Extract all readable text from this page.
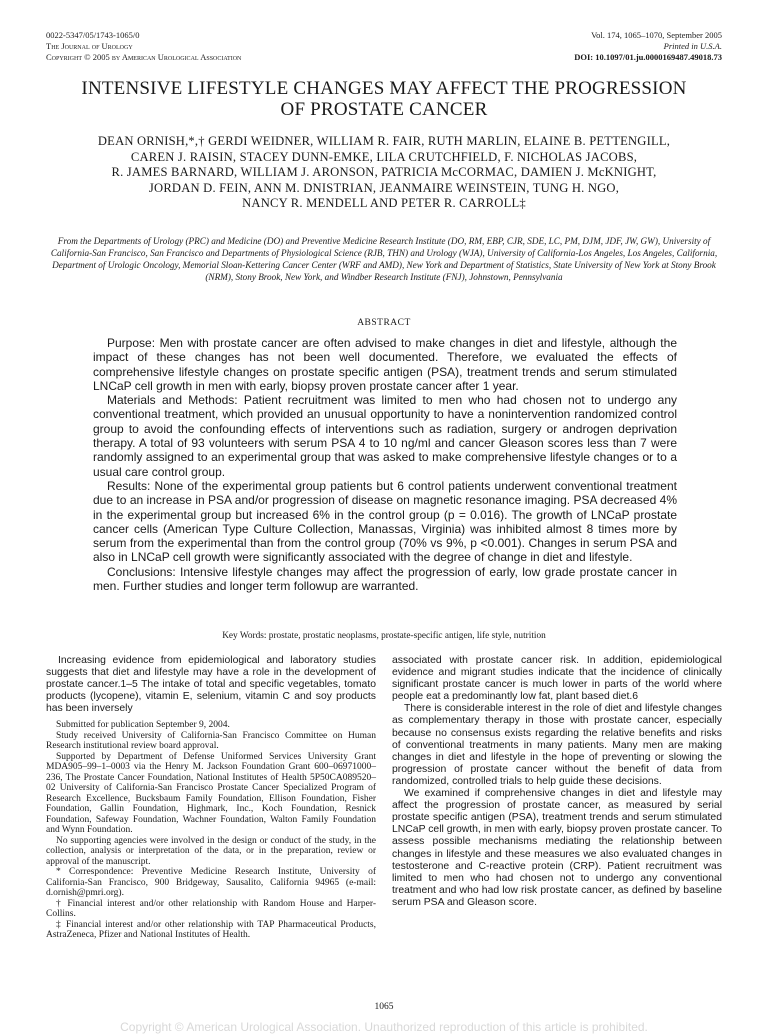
0022-5347/05/1743-1065/0
The Journal of Urology
Copyright © 2005 by American Urological Association
Vol. 174, 1065–1070, September 2005
Printed in U.S.A.
DOI: 10.1097/01.ju.0000169487.49018.73
INTENSIVE LIFESTYLE CHANGES MAY AFFECT THE PROGRESSION
OF PROSTATE CANCER
DEAN ORNISH,*,† GERDI WEIDNER, WILLIAM R. FAIR, RUTH MARLIN, ELAINE B. PETTENGILL,
CAREN J. RAISIN, STACEY DUNN-EMKE, LILA CRUTCHFIELD, F. NICHOLAS JACOBS,
R. JAMES BARNARD, WILLIAM J. ARONSON, PATRICIA McCORMAC, DAMIEN J. McKNIGHT,
JORDAN D. FEIN, ANN M. DNISTRIAN, JEANMAIRE WEINSTEIN, TUNG H. NGO,
NANCY R. MENDELL AND PETER R. CARROLL‡
From the Departments of Urology (PRC) and Medicine (DO) and Preventive Medicine Research Institute (DO, RM, EBP, CJR, SDE, LC, PM, DJM, JDF, JW, GW), University of California-San Francisco, San Francisco and Departments of Physiological Science (RJB, THN) and Urology (WJA), University of California-Los Angeles, Los Angeles, California, Department of Urologic Oncology, Memorial Sloan-Kettering Cancer Center (WRF and AMD), New York and Department of Statistics, State University of New York at Stony Brook (NRM), Stony Brook, New York, and Windber Research Institute (FNJ), Johnstown, Pennsylvania
ABSTRACT

Purpose: Men with prostate cancer are often advised to make changes in diet and lifestyle, although the impact of these changes has not been well documented. Therefore, we evaluated the effects of comprehensive lifestyle changes on prostate specific antigen (PSA), treatment trends and serum stimulated LNCaP cell growth in men with early, biopsy proven prostate cancer after 1 year.

Materials and Methods: Patient recruitment was limited to men who had chosen not to undergo any conventional treatment, which provided an unusual opportunity to have a nonintervention randomized control group to avoid the confounding effects of interventions such as radiation, surgery or androgen deprivation therapy. A total of 93 volunteers with serum PSA 4 to 10 ng/ml and cancer Gleason scores less than 7 were randomly assigned to an experimental group that was asked to make comprehensive lifestyle changes or to a usual care control group.

Results: None of the experimental group patients but 6 control patients underwent conventional treatment due to an increase in PSA and/or progression of disease on magnetic resonance imaging. PSA decreased 4% in the experimental group but increased 6% in the control group (p = 0.016). The growth of LNCaP prostate cancer cells (American Type Culture Collection, Manassas, Virginia) was inhibited almost 8 times more by serum from the experimental than from the control group (70% vs 9%, p <0.001). Changes in serum PSA and also in LNCaP cell growth were significantly associated with the degree of change in diet and lifestyle.

Conclusions: Intensive lifestyle changes may affect the progression of early, low grade prostate cancer in men. Further studies and longer term followup are warranted.

Key Words: prostate, prostatic neoplasms, prostate-specific antigen, life style, nutrition

Increasing evidence from epidemiological and laboratory studies suggests that diet and lifestyle may have a role in the development of prostate cancer.1–5 The intake of total and specific vegetables, tomato products (lycopene), vitamin E, selenium, vitamin C and soy products has been inversely

Submitted for publication September 9, 2004.

Study received University of California-San Francisco Committee on Human Research institutional review board approval.

Supported by Department of Defense Uniformed Services University Grant MDA905–99–1–0003 via the Henry M. Jackson Foundation Grant 600–06971000–236, The Prostate Cancer Foundation, National Institutes of Health 5P50CA089520–02 University of California-San Francisco Prostate Cancer Specialized Program of Research Excellence, Bucksbaum Family Foundation, Ellison Foundation, Fisher Foundation, Gallin Foundation, Highmark, Inc., Koch Foundation, Resnick Foundation, Safeway Foundation, Wachner Foundation, Walton Family Foundation and Wynn Foundation.

No supporting agencies were involved in the design or conduct of the study, in the collection, analysis or interpretation of the data, or in the preparation, review or approval of the manuscript.

* Correspondence: Preventive Medicine Research Institute, University of California-San Francisco, 900 Bridgeway, Sausalito, California 94965 (e-mail: d.ornish@pmri.org).

† Financial interest and/or other relationship with Random House and Harper-Collins.

‡ Financial interest and/or other relationship with TAP Pharmaceutical Products, AstraZeneca, Pfizer and National Institutes of Health.

associated with prostate cancer risk. In addition, epidemiological evidence and migrant studies indicate that the incidence of clinically significant prostate cancer is much lower in parts of the world where people eat a predominantly low fat, plant based diet.6

There is considerable interest in the role of diet and lifestyle changes as complementary therapy in those with prostate cancer, especially because no consensus exists regarding the relative benefits and risks of conventional treatments in many patients. Many men are making changes in diet and lifestyle in the hope of preventing or slowing the progression of prostate cancer without the benefit of data from randomized, controlled trials to help guide these decisions.

We examined if comprehensive changes in diet and lifestyle may affect the progression of prostate cancer, as measured by serial prostate specific antigen (PSA), treatment trends and serum stimulated LNCaP cell growth, in men with early, biopsy proven prostate cancer. To assess possible mechanisms mediating the relationship between changes in lifestyle and these measures we also evaluated changes in testosterone and C-reactive protein (CRP). Patient recruitment was limited to men who had chosen not to undergo any conventional treatment and who had low risk prostate cancer, as defined by baseline serum PSA and Gleason score.

1065
Copyright © American Urological Association. Unauthorized reproduction of this article is prohibited.
